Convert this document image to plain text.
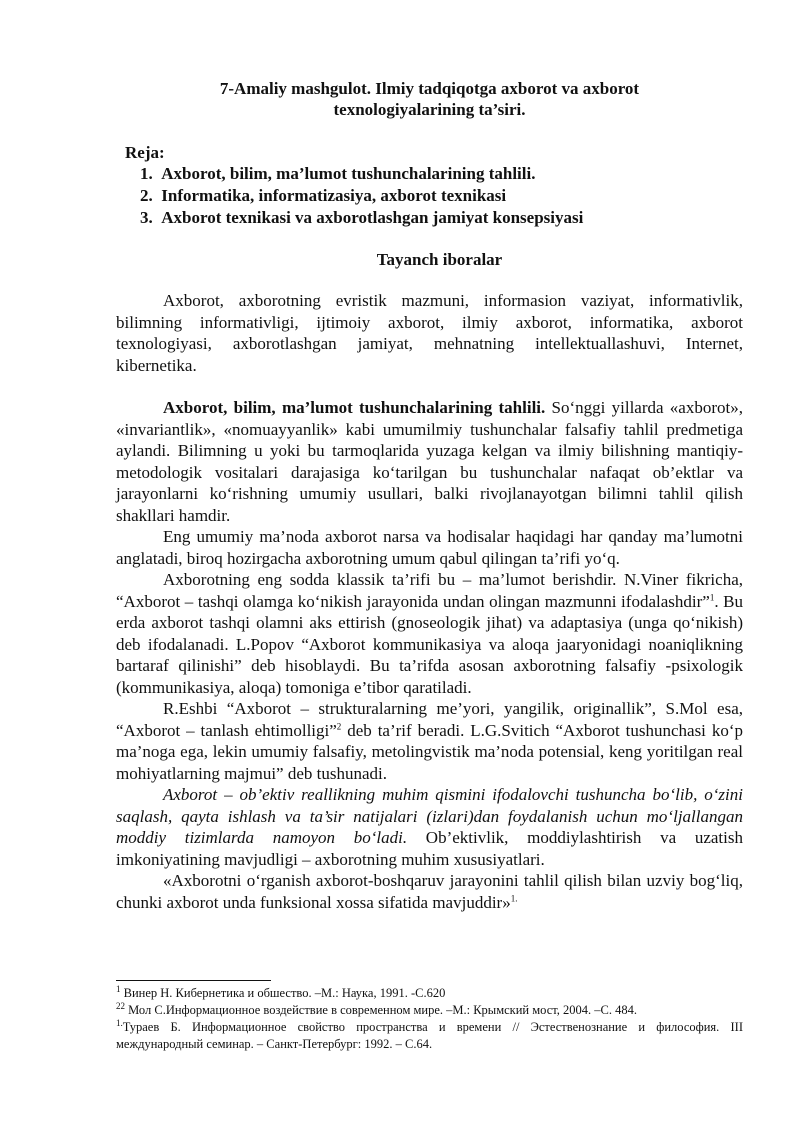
7-Amaliy mashgulot. Ilmiy tadqiqotga axborot va axborot
texnologiyalarining ta’siri.

Reja:
1. Axborot, bilim, ma’lumot tushunchalarining tahlili.
2. Informatika, informatizasiya, axborot texnikasi
3. Axborot texnikasi va axborotlashgan jamiyat konsepsiyasi
Tayanch iboralar

Axborot, axborotning evristik mazmuni, informasion vaziyat, informativlik, bilimning informativligi, ijtimoiy axborot, ilmiy axborot, informatika, axborot texnologiyasi, axborotlashgan jamiyat, mehnatning intellektuallashuvi, Internet, kibernetika.

Axborot, bilim, ma’lumot tushunchalarining tahlili. So‘nggi yillarda «axborot», «invariantlik», «nomuayyanlik» kabi umumilmiy tushunchalar falsafiy tahlil predmetiga aylandi. Bilimning u yoki bu tarmoqlarida yuzaga kelgan va ilmiy bilishning mantiqiy-metodologik vositalari darajasiga ko‘tarilgan bu tushunchalar nafaqat ob’ektlar va jarayonlarni ko‘rishning umumiy usullari, balki rivojlanayotgan bilimni tahlil qilish shakllari hamdir.

Eng umumiy ma’noda axborot narsa va hodisalar haqidagi har qanday ma’lumotni anglatadi, biroq hozirgacha axborotning umum qabul qilingan ta’rifi yo‘q.

Axborotning eng sodda klassik ta’rifi bu – ma’lumot berishdir. N.Viner fikricha, “Axborot – tashqi olamga ko‘nikish jarayonida undan olingan mazmunni ifodalashdir”$^1$. Bu erda axborot tashqi olamni aks ettirish (gnoseologik jihat) va adaptasiya (unga qo‘nikish) deb ifodalanadi. L.Popov “Axborot kommunikasiya va aloqa jaaryonidagi noaniqlikning bartaraf qilinishi” deb hisoblaydi. Bu ta’rifda asosan axborotning falsafiy -psixologik (kommunikasiya, aloqa) tomoniga e’tibor qaratiladi.

R.Eshbi “Axborot – strukturalarning me’yori, yangilik, originallik”, S.Mol esa, “Axborot – tanlash ehtimolligi”$^2$ deb ta’rif beradi. L.G.Svitich “Axborot tushunchasi ko‘p ma’noga ega, lekin umumiy falsafiy, metolingvistik ma’noda potensial, keng yoritilgan real mohiyatlarning majmui” deb tushunadi.

Axborot – ob’ektiv reallikning muhim qismini ifodalovchi tushuncha bo‘lib, o‘zini saqlash, qayta ishlash va ta’sir natijalari (izlari)dan foydalanish uchun mo‘ljallangan moddiy tizimlarda namoyon bo‘ladi. Ob’ektivlik, moddiylashtirish va uzatish imkoniyatining mavjudligi – axborotning muhim xususiyatlari.

«Axborotni o‘rganish axborot-boshqaruv jarayonini tahlil qilish bilan uzviy bog‘liq, chunki axborot unda funksional xossa sifatida mavjuddir»$^{1.}$

$^1$ Винер Н. Кибернетика и обшество. –М.: Наука, 1991. -С.620

$^{22}$ Мол С.Информационное воздействие в современном мире. –М.: Крымский мост, 2004. –С. 484.

$^{1.}$Тураев Б. Информационное свойство пространства и времени // Эстественознание и философия. III международный семинар. – Санкт-Петербург: 1992. – С.64.
